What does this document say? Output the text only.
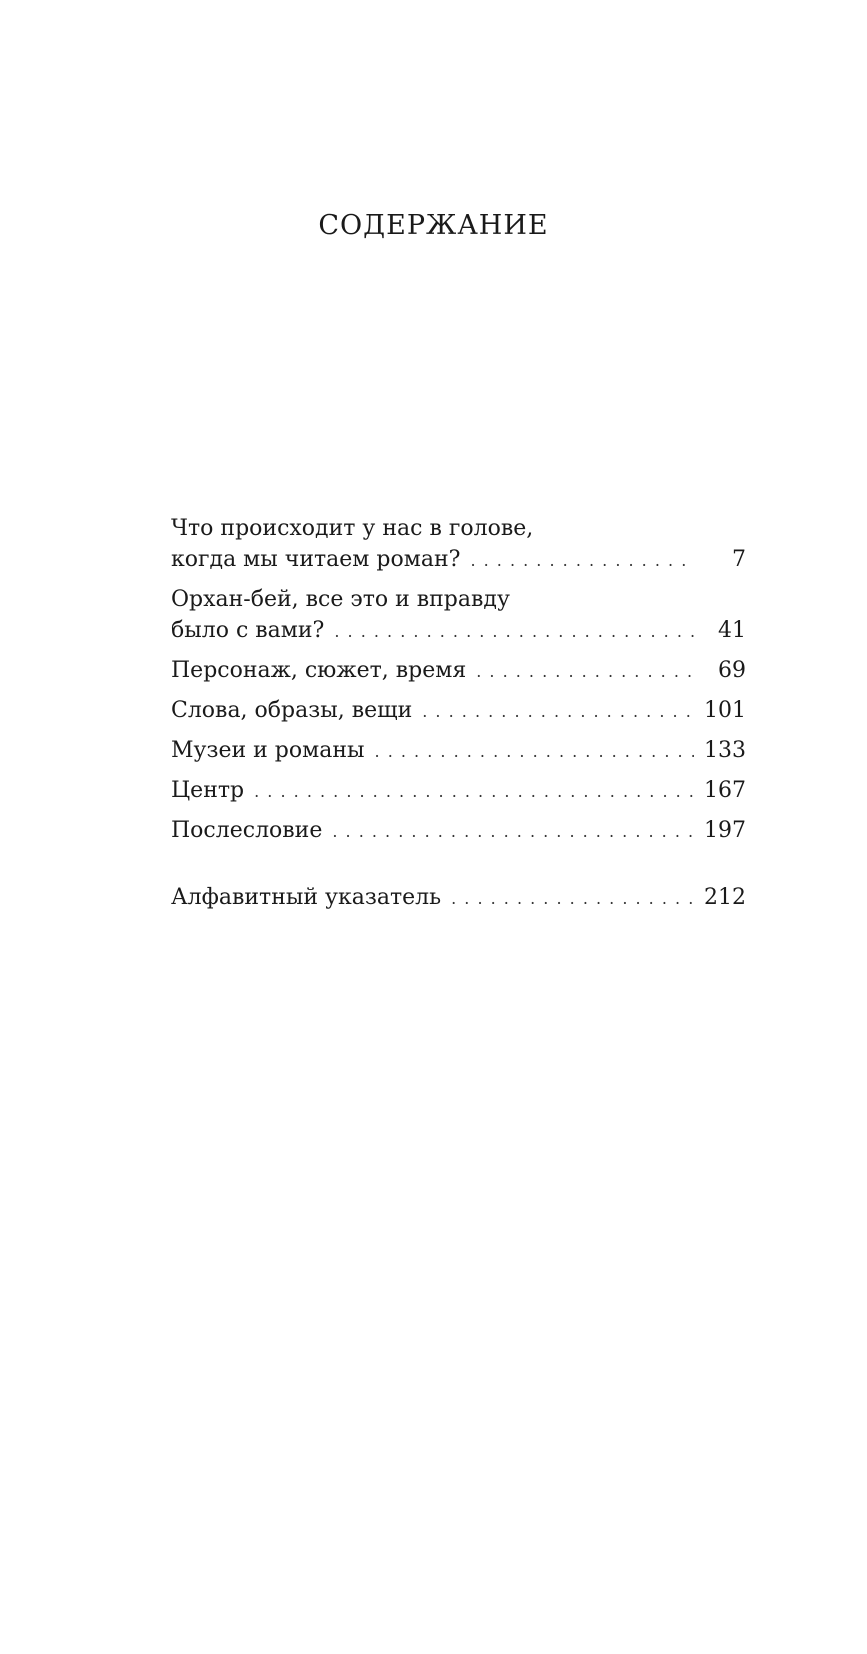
СОДЕРЖАНИЕ
Что происходит у нас в голове,
когда мы читаем роман? . . .	7
Орхан-бей, все это и вправду
было с вами? . . .	41
Персонаж, сюжет, время . . .	69
Слова, образы, вещи . . .	101
Музеи и романы . . .	133
Центр . . .	167
Послесловие . . .	197
Алфавитный указатель . . .	212
